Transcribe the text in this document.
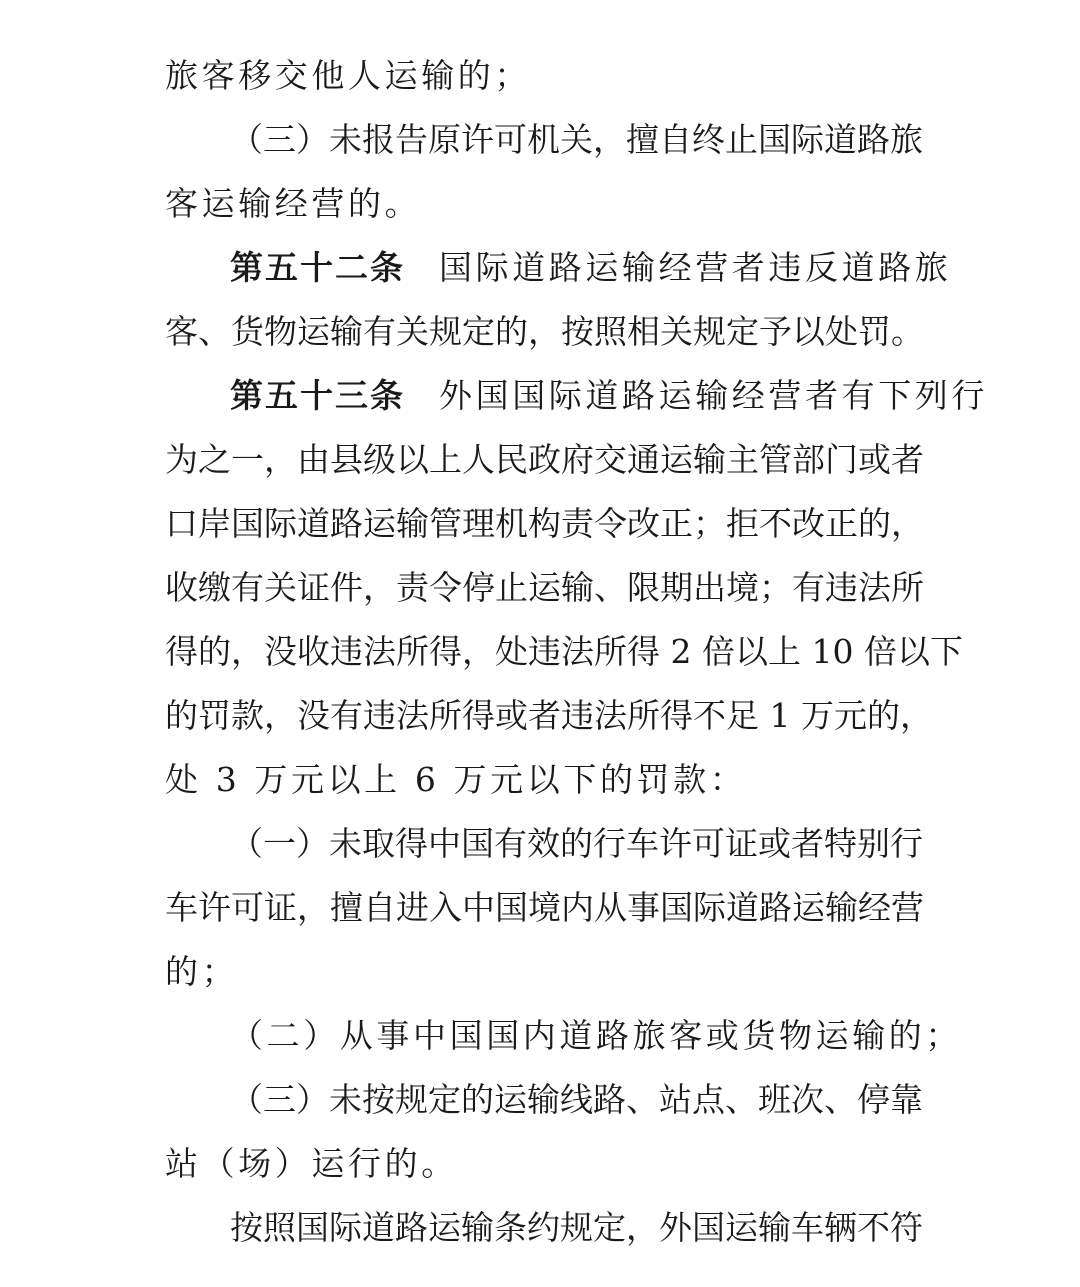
旅客移交他人运输的；
（三）未报告原许可机关，擅自终止国际道路旅
客运输经营的。
第五十二条 国际道路运输经营者违反道路旅
客、货物运输有关规定的，按照相关规定予以处罚。
第五十三条 外国国际道路运输经营者有下列行
为之一，由县级以上人民政府交通运输主管部门或者
口岸国际道路运输管理机构责令改正；拒不改正的，
收缴有关证件，责令停止运输、限期出境；有违法所
得的，没收违法所得，处违法所得 2 倍以上 10 倍以下
的罚款，没有违法所得或者违法所得不足 1 万元的，
处 3 万元以上 6 万元以下的罚款：
（一）未取得中国有效的行车许可证或者特别行
车许可证，擅自进入中国境内从事国际道路运输经营
的；
（二）从事中国国内道路旅客或货物运输的；
（三）未按规定的运输线路、站点、班次、停靠
站（场）运行的。
按照国际道路运输条约规定，外国运输车辆不符
